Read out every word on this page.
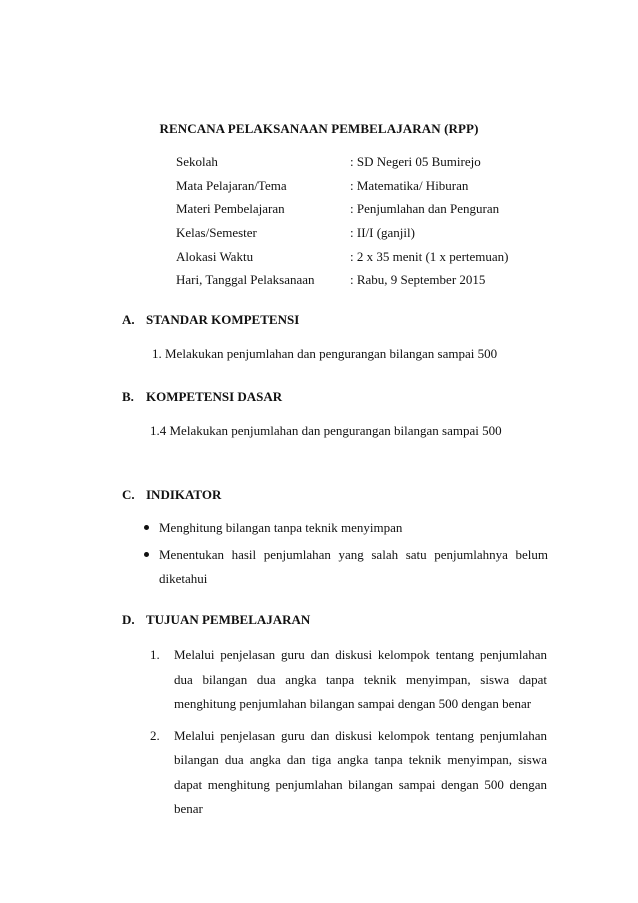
RENCANA PELAKSANAAN PEMBELAJARAN (RPP)
Sekolah	: SD Negeri 05 Bumirejo
Mata Pelajaran/Tema	: Matematika/ Hiburan
Materi Pembelajaran	: Penjumlahan dan Penguran
Kelas/Semester	: II/I (ganjil)
Alokasi Waktu	: 2 x 35 menit (1 x pertemuan)
Hari, Tanggal Pelaksanaan	: Rabu, 9 September 2015
A. STANDAR KOMPETENSI
1. Melakukan penjumlahan dan pengurangan bilangan sampai 500
B. KOMPETENSI DASAR
1.4 Melakukan penjumlahan dan pengurangan bilangan sampai 500
C. INDIKATOR
Menghitung bilangan tanpa teknik menyimpan
Menentukan hasil penjumlahan yang salah satu penjumlahnya belum diketahui
D. TUJUAN PEMBELAJARAN
1. Melalui penjelasan guru dan diskusi kelompok tentang penjumlahan dua bilangan dua angka tanpa teknik menyimpan, siswa dapat menghitung penjumlahan bilangan sampai dengan 500 dengan benar
2. Melalui penjelasan guru dan diskusi kelompok tentang penjumlahan bilangan dua angka dan tiga angka tanpa teknik menyimpan, siswa dapat menghitung penjumlahan bilangan sampai dengan 500 dengan benar
